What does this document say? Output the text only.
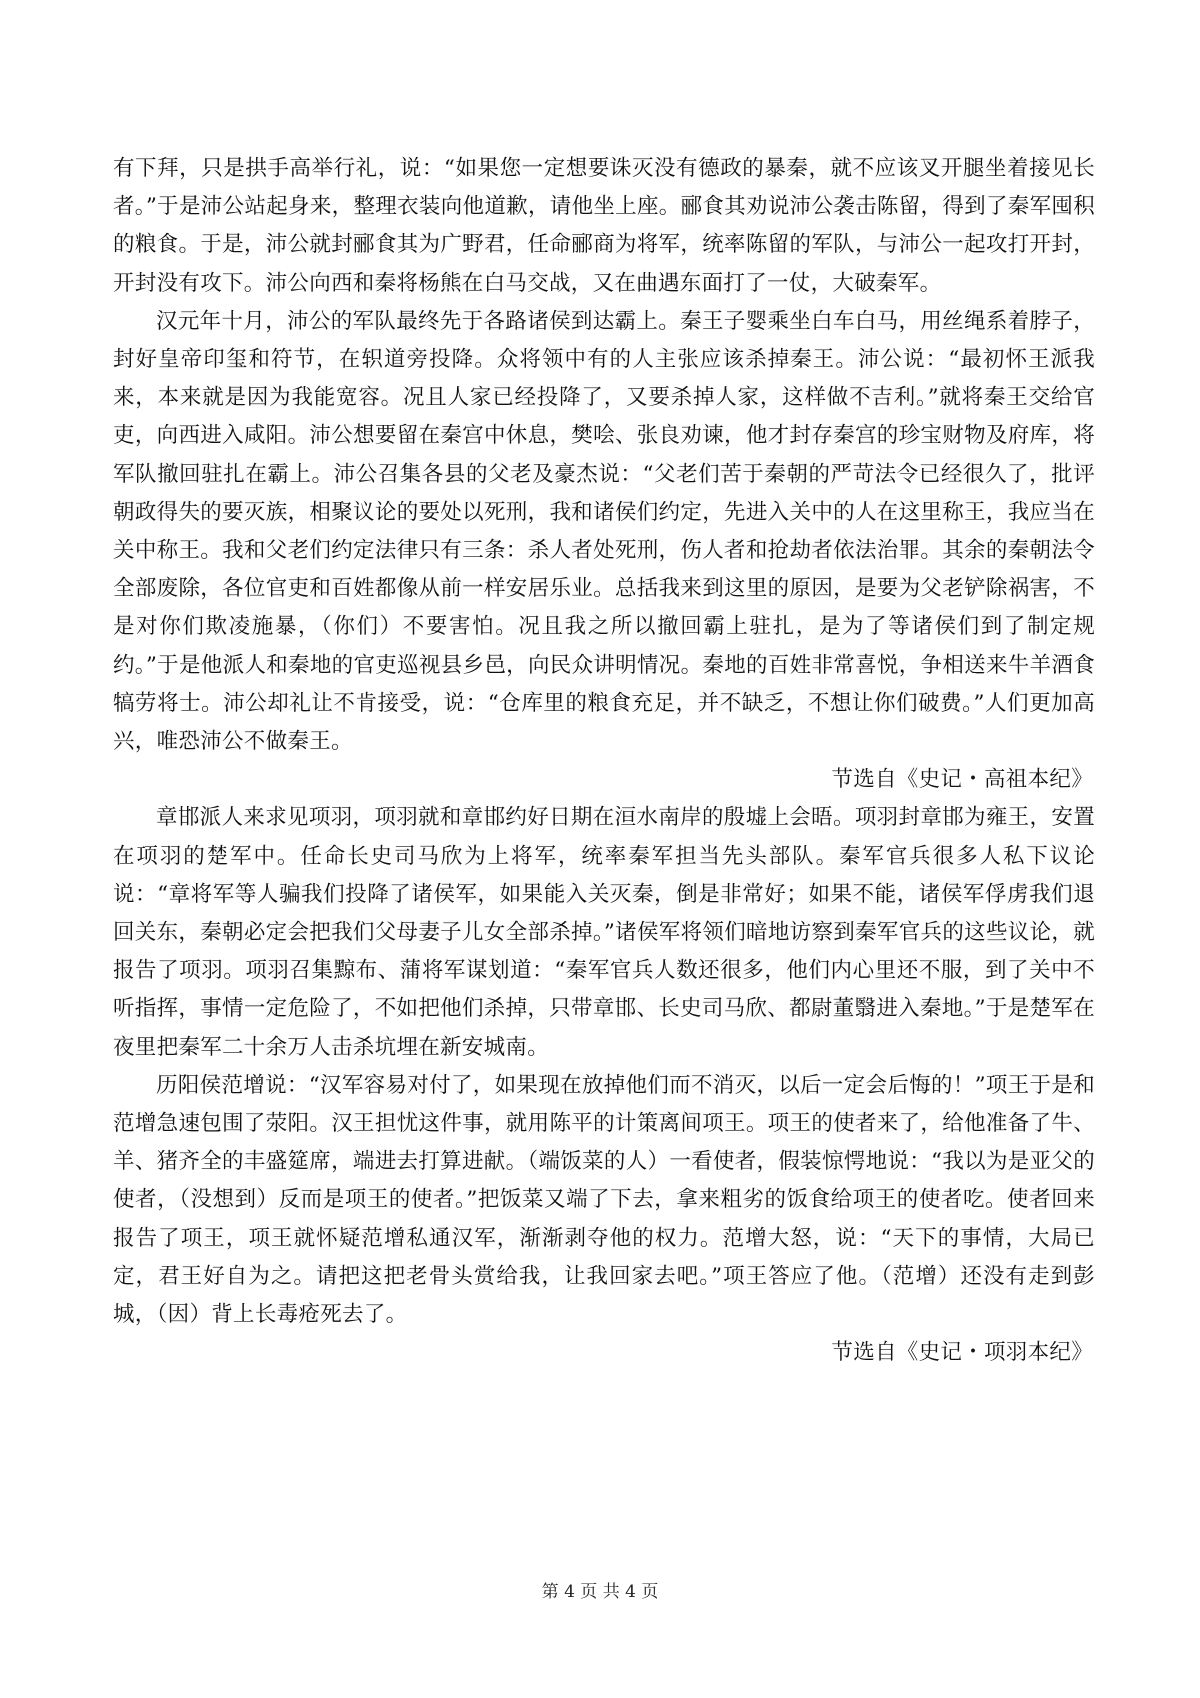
有下拜，只是拱手高举行礼，说：“如果您一定想要诛灭没有德政的暴秦，就不应该叉开腿坐着接见长者。”于是沛公站起身来，整理衣装向他道歉，请他坐上座。郦食其劝说沛公袭击陈留，得到了秦军囤积的粮食。于是，沛公就封郦食其为广野君，任命郦商为将军，统率陈留的军队，与沛公一起攻打开封，开封没有攻下。沛公向西和秦将杨熊在白马交战，又在曲遇东面打了一仗，大破秦军。

汉元年十月，沛公的军队最终先于各路诸侯到达霸上。秦王子婴乘坐白车白马，用丝绳系着脖子，封好皇帝印玺和符节，在轵道旁投降。众将领中有的人主张应该杀掉秦王。沛公说：“最初怀王派我来，本来就是因为我能宽容。况且人家已经投降了，又要杀掉人家，这样做不吉利。”就将秦王交给官吏，向西进入咸阳。沛公想要留在秦宫中休息，樊哙、张良劝谏，他才封存秦宫的珍宝财物及府库，将军队撤回驻扎在霸上。沛公召集各县的父老及豪杰说：“父老们苦于秦朝的严苛法令已经很久了，批评朝政得失的要灭族，相聚议论的要处以死刑，我和诸侯们约定，先进入关中的人在这里称王，我应当在关中称王。我和父老们约定法律只有三条：杀人者处死刑，伤人者和抢劫者依法治罪。其余的秦朝法令全部废除，各位官吏和百姓都像从前一样安居乐业。总括我来到这里的原因，是要为父老铲除祸害，不是对你们欺凌施暴，（你们）不要害怕。况且我之所以撤回霸上驻扎，是为了等诸侯们到了制定规约。”于是他派人和秦地的官吏巡视县乡邑，向民众讲明情况。秦地的百姓非常喜悦，争相送来牛羊酒食犒劳将士。沛公却礼让不肯接受，说：“仓库里的粮食充足，并不缺乏，不想让你们破费。”人们更加高兴，唯恐沛公不做秦王。

节选自《史记・高祖本纪》

章邯派人来求见项羽，项羽就和章邯约好日期在洹水南岸的殷墟上会晤。项羽封章邯为雍王，安置在项羽的楚军中。任命长史司马欣为上将军，统率秦军担当先头部队。秦军官兵很多人私下议论说：“章将军等人骗我们投降了诸侯军，如果能入关灭秦，倒是非常好；如果不能，诸侯军俘虏我们退回关东，秦朝必定会把我们父母妻子儿女全部杀掉。”诸侯军将领们暗地访察到秦军官兵的这些议论，就报告了项羽。项羽召集黥布、蒲将军谋划道：“秦军官兵人数还很多，他们内心里还不服，到了关中不听指挥，事情一定危险了，不如把他们杀掉，只带章邯、长史司马欣、都尉董翳进入秦地。”于是楚军在夜里把秦军二十余万人击杀坑埋在新安城南。

历阳侯范增说：“汉军容易对付了，如果现在放掉他们而不消灭，以后一定会后悔的！”项王于是和范增急速包围了荥阳。汉王担忧这件事，就用陈平的计策离间项王。项王的使者来了，给他准备了牛、羊、猪齐全的丰盛筵席，端进去打算进献。（端饭菜的人）一看使者，假装惊愕地说：“我以为是亚父的使者，（没想到）反而是项王的使者。”把饭菜又端了下去，拿来粗劣的饭食给项王的使者吃。使者回来报告了项王，项王就怀疑范增私通汉军，渐渐剥夺他的权力。范增大怒，说：“天下的事情，大局已定，君王好自为之。请把这把老骨头赏给我，让我回家去吧。”项王答应了他。（范增）还没有走到彭城，（因）背上长毒疮死去了。

节选自《史记・项羽本纪》

第 4 页 共 4 页
